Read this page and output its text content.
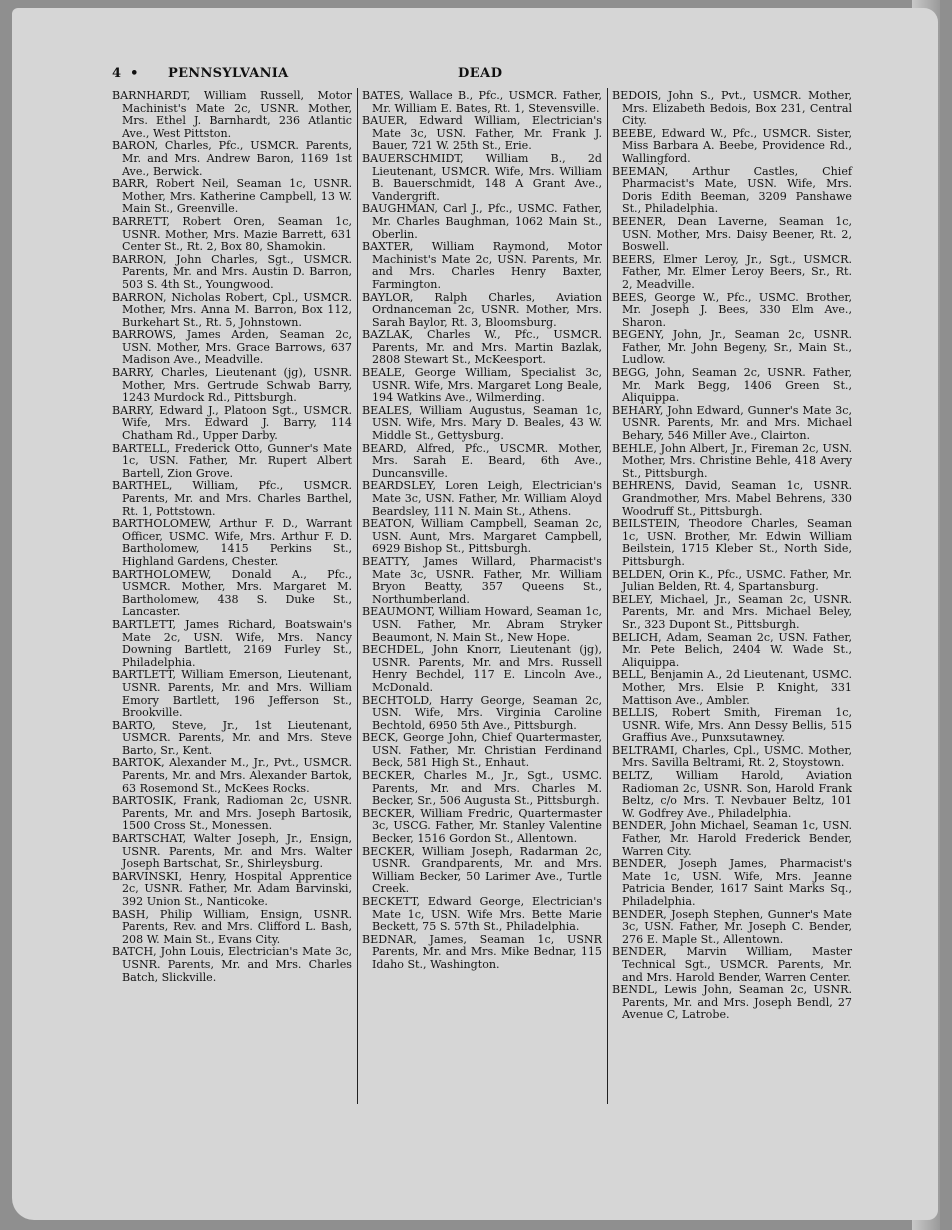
4 • PENNSYLVANIA	DEAD

BARNHARDT, William Russell, Motor Machinist's Mate 2c, USNR. Mother, Mrs. Ethel J. Barnhardt, 236 Atlantic Ave., West Pittston.

BARON, Charles, Pfc., USMCR. Parents, Mr. and Mrs. Andrew Baron, 1169 1st Ave., Berwick.

BARR, Robert Neil, Seaman 1c, USNR. Mother, Mrs. Katherine Campbell, 13 W. Main St., Greenville.

BARRETT, Robert Oren, Seaman 1c, USNR. Mother, Mrs. Mazie Barrett, 631 Center St., Rt. 2, Box 80, Shamokin.

BARRON, John Charles, Sgt., USMCR. Parents, Mr. and Mrs. Austin D. Barron, 503 S. 4th St., Youngwood.

BARRON, Nicholas Robert, Cpl., USMCR. Mother, Mrs. Anna M. Barron, Box 112, Burkehart St., Rt. 5, Johnstown.

BARROWS, James Arden, Seaman 2c, USN. Mother, Mrs. Grace Barrows, 637 Madison Ave., Meadville.

BARRY, Charles, Lieutenant (jg), USNR. Mother, Mrs. Gertrude Schwab Barry, 1243 Murdock Rd., Pittsburgh.

BARRY, Edward J., Platoon Sgt., USMCR. Wife, Mrs. Edward J. Barry, 114 Chatham Rd., Upper Darby.

BARTELL, Frederick Otto, Gunner's Mate 1c, USN. Father, Mr. Rupert Albert Bartell, Zion Grove.

BARTHEL, William, Pfc., USMCR. Parents, Mr. and Mrs. Charles Barthel, Rt. 1, Pottstown.

BARTHOLOMEW, Arthur F. D., Warrant Officer, USMC. Wife, Mrs. Arthur F. D. Bartholomew, 1415 Perkins St., Highland Gardens, Chester.

BARTHOLOMEW, Donald A., Pfc., USMCR. Mother, Mrs. Margaret M. Bartholomew, 438 S. Duke St., Lancaster.

BARTLETT, James Richard, Boatswain's Mate 2c, USN. Wife, Mrs. Nancy Downing Bartlett, 2169 Furley St., Philadelphia.

BARTLETT, William Emerson, Lieutenant, USNR. Parents, Mr. and Mrs. William Emory Bartlett, 196 Jefferson St., Brookville.

BARTO, Steve, Jr., 1st Lieutenant, USMCR. Parents, Mr. and Mrs. Steve Barto, Sr., Kent.

BARTOK, Alexander M., Jr., Pvt., USMCR. Parents, Mr. and Mrs. Alexander Bartok, 63 Rosemond St., McKees Rocks.

BARTOSIK, Frank, Radioman 2c, USNR. Parents, Mr. and Mrs. Joseph Bartosik, 1500 Cross St., Monessen.

BARTSCHAT, Walter Joseph, Jr., Ensign, USNR. Parents, Mr. and Mrs. Walter Joseph Bartschat, Sr., Shirleysburg.

BARVINSKI, Henry, Hospital Apprentice 2c, USNR. Father, Mr. Adam Barvinski, 392 Union St., Nanticoke.

BASH, Philip William, Ensign, USNR. Parents, Rev. and Mrs. Clifford L. Bash, 208 W. Main St., Evans City.

BATCH, John Louis, Electrician's Mate 3c, USNR. Parents, Mr. and Mrs. Charles Batch, Slickville.

BATES, Wallace B., Pfc., USMCR. Father, Mr. William E. Bates, Rt. 1, Stevensville.

BAUER, Edward William, Electrician's Mate 3c, USN. Father, Mr. Frank J. Bauer, 721 W. 25th St., Erie.

BAUERSCHMIDT, William B., 2d Lieutenant, USMCR. Wife, Mrs. William B. Bauerschmidt, 148 A Grant Ave., Vandergrift.

BAUGHMAN, Carl J., Pfc., USMC. Father, Mr. Charles Baughman, 1062 Main St., Oberlin.

BAXTER, William Raymond, Motor Machinist's Mate 2c, USN. Parents, Mr. and Mrs. Charles Henry Baxter, Farmington.

BAYLOR, Ralph Charles, Aviation Ordnanceman 2c, USNR. Mother, Mrs. Sarah Baylor, Rt. 3, Bloomsburg.

BAZLAK, Charles W., Pfc., USMCR. Parents, Mr. and Mrs. Martin Bazlak, 2808 Stewart St., McKeesport.

BEALE, George William, Specialist 3c, USNR. Wife, Mrs. Margaret Long Beale, 194 Watkins Ave., Wilmerding.

BEALES, William Augustus, Seaman 1c, USN. Wife, Mrs. Mary D. Beales, 43 W. Middle St., Gettysburg.

BEARD, Alfred, Pfc., USCMR. Mother, Mrs. Sarah E. Beard, 6th Ave., Duncansville.

BEARDSLEY, Loren Leigh, Electrician's Mate 3c, USN. Father, Mr. William Aloyd Beardsley, 111 N. Main St., Athens.

BEATON, William Campbell, Seaman 2c, USN. Aunt, Mrs. Margaret Campbell, 6929 Bishop St., Pittsburgh.

BEATTY, James Willard, Pharmacist's Mate 3c, USNR. Father, Mr. William Bryon Beatty, 357 Queens St., Northumberland.

BEAUMONT, William Howard, Seaman 1c, USN. Father, Mr. Abram Stryker Beaumont, N. Main St., New Hope.

BECHDEL, John Knorr, Lieutenant (jg), USNR. Parents, Mr. and Mrs. Russell Henry Bechdel, 117 E. Lincoln Ave., McDonald.

BECHTOLD, Harry George, Seaman 2c, USN. Wife, Mrs. Virginia Caroline Bechtold, 6950 5th Ave., Pittsburgh.

BECK, George John, Chief Quartermaster, USN. Father, Mr. Christian Ferdinand Beck, 581 High St., Enhaut.

BECKER, Charles M., Jr., Sgt., USMC. Parents, Mr. and Mrs. Charles M. Becker, Sr., 506 Augusta St., Pittsburgh.

BECKER, William Fredric, Quartermaster 3c, USCG. Father, Mr. Stanley Valentine Becker, 1516 Gordon St., Allentown.

BECKER, William Joseph, Radarman 2c, USNR. Grandparents, Mr. and Mrs. William Becker, 50 Larimer Ave., Turtle Creek.

BECKETT, Edward George, Electrician's Mate 1c, USN. Wife Mrs. Bette Marie Beckett, 75 S. 57th St., Philadelphia.

BEDNAR, James, Seaman 1c, USNR Parents, Mr. and Mrs. Mike Bednar, 115 Idaho St., Washington.

BEDOIS, John S., Pvt., USMCR. Mother, Mrs. Elizabeth Bedois, Box 231, Central City.

BEEBE, Edward W., Pfc., USMCR. Sister, Miss Barbara A. Beebe, Providence Rd., Wallingford.

BEEMAN, Arthur Castles, Chief Pharmacist's Mate, USN. Wife, Mrs. Doris Edith Beeman, 3209 Panshawe St., Philadelphia.

BEENER, Dean Laverne, Seaman 1c, USN. Mother, Mrs. Daisy Beener, Rt. 2, Boswell.

BEERS, Elmer Leroy, Jr., Sgt., USMCR. Father, Mr. Elmer Leroy Beers, Sr., Rt. 2, Meadville.

BEES, George W., Pfc., USMC. Brother, Mr. Joseph J. Bees, 330 Elm Ave., Sharon.

BEGENY, John, Jr., Seaman 2c, USNR. Father, Mr. John Begeny, Sr., Main St., Ludlow.

BEGG, John, Seaman 2c, USNR. Father, Mr. Mark Begg, 1406 Green St., Aliquippa.

BEHARY, John Edward, Gunner's Mate 3c, USNR. Parents, Mr. and Mrs. Michael Behary, 546 Miller Ave., Clairton.

BEHLE, John Albert, Jr., Fireman 2c, USN. Mother, Mrs. Christine Behle, 418 Avery St., Pittsburgh.

BEHRENS, David, Seaman 1c, USNR. Grandmother, Mrs. Mabel Behrens, 330 Woodruff St., Pittsburgh.

BEILSTEIN, Theodore Charles, Seaman 1c, USN. Brother, Mr. Edwin William Beilstein, 1715 Kleber St., North Side, Pittsburgh.

BELDEN, Orin K., Pfc., USMC. Father, Mr. Julian Belden, Rt. 4, Spartansburg.

BELEY, Michael, Jr., Seaman 2c, USNR. Parents, Mr. and Mrs. Michael Beley, Sr., 323 Dupont St., Pittsburgh.

BELICH, Adam, Seaman 2c, USN. Father, Mr. Pete Belich, 2404 W. Wade St., Aliquippa.

BELL, Benjamin A., 2d Lieutenant, USMC. Mother, Mrs. Elsie P. Knight, 331 Mattison Ave., Ambler.

BELLIS, Robert Smith, Fireman 1c, USNR. Wife, Mrs. Ann Dessy Bellis, 515 Graffius Ave., Punxsutawney.

BELTRAMI, Charles, Cpl., USMC. Mother, Mrs. Savilla Beltrami, Rt. 2, Stoystown.

BELTZ, William Harold, Aviation Radioman 2c, USNR. Son, Harold Frank Beltz, c/o Mrs. T. Nevbauer Beltz, 101 W. Godfrey Ave., Philadelphia.

BENDER, John Michael, Seaman 1c, USN. Father, Mr. Harold Frederick Bender, Warren City.

BENDER, Joseph James, Pharmacist's Mate 1c, USN. Wife, Mrs. Jeanne Patricia Bender, 1617 Saint Marks Sq., Philadelphia.

BENDER, Joseph Stephen, Gunner's Mate 3c, USN. Father, Mr. Joseph C. Bender, 276 E. Maple St., Allentown.

BENDER, Marvin William, Master Technical Sgt., USMCR. Parents, Mr. and Mrs. Harold Bender, Warren Center.

BENDL, Lewis John, Seaman 2c, USNR. Parents, Mr. and Mrs. Joseph Bendl, 27 Avenue C, Latrobe.
